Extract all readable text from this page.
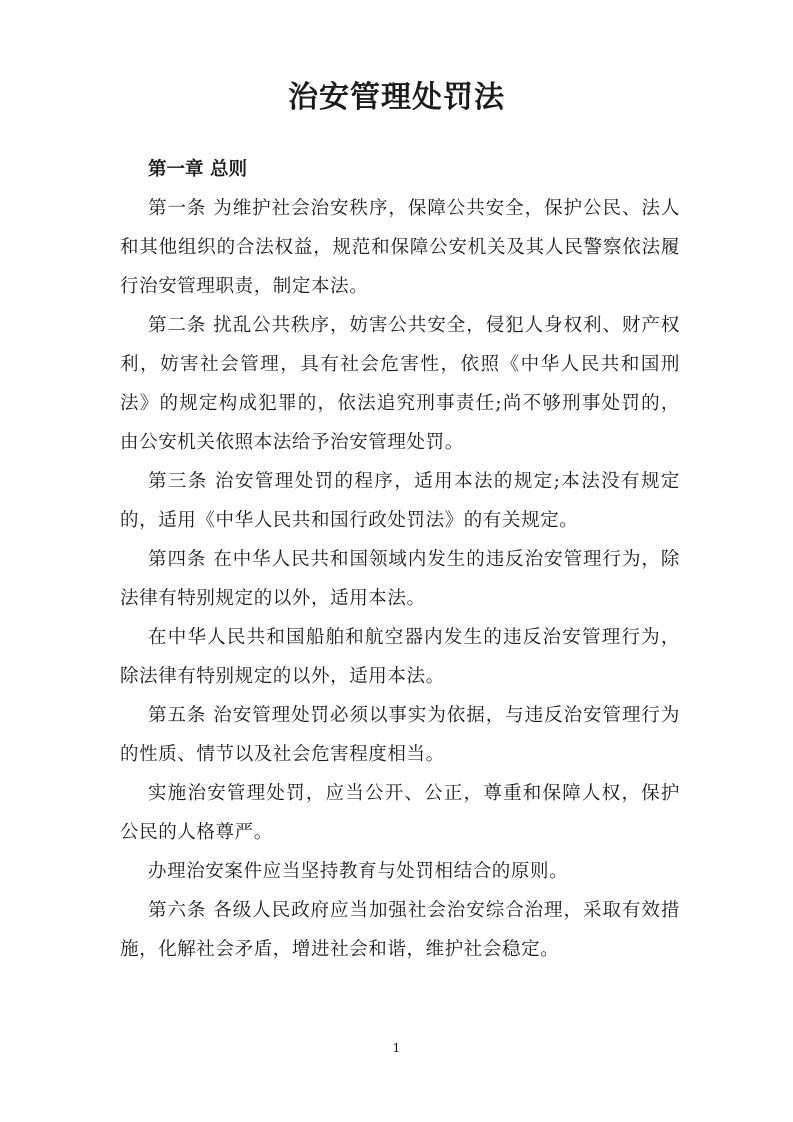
治安管理处罚法

第一章 总则

第一条 为维护社会治安秩序，保障公共安全，保护公民、法人和其他组织的合法权益，规范和保障公安机关及其人民警察依法履行治安管理职责，制定本法。

第二条 扰乱公共秩序，妨害公共安全，侵犯人身权利、财产权利，妨害社会管理，具有社会危害性，依照《中华人民共和国刑法》的规定构成犯罪的，依法追究刑事责任;尚不够刑事处罚的，由公安机关依照本法给予治安管理处罚。

第三条 治安管理处罚的程序，适用本法的规定;本法没有规定的，适用《中华人民共和国行政处罚法》的有关规定。

第四条 在中华人民共和国领域内发生的违反治安管理行为，除法律有特别规定的以外，适用本法。

在中华人民共和国船舶和航空器内发生的违反治安管理行为，除法律有特别规定的以外，适用本法。

第五条 治安管理处罚必须以事实为依据，与违反治安管理行为的性质、情节以及社会危害程度相当。

实施治安管理处罚，应当公开、公正，尊重和保障人权，保护公民的人格尊严。

办理治安案件应当坚持教育与处罚相结合的原则。

第六条 各级人民政府应当加强社会治安综合治理，采取有效措施，化解社会矛盾，增进社会和谐，维护社会稳定。

1
